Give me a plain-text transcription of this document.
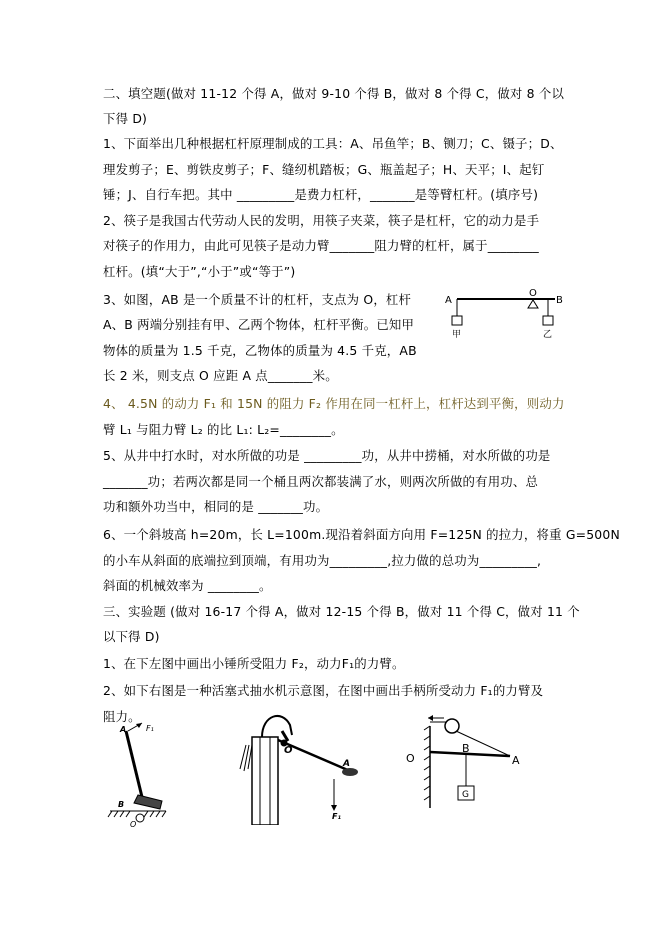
二、填空题(做对 11-12 个得 A，做对 9-10 个得 B，做对 8 个得 C，做对 8 个以
下得 D)
1、下面举出几种根据杠杆原理制成的工具：A、吊鱼竿；B、铡刀；C、镊子；D、
理发剪子；E、剪铁皮剪子；F、缝纫机踏板；G、瓶盖起子；H、天平；I、起钉
锤；J、自行车把。其中 _________是费力杠杆，_______是等臂杠杆。(填序号)
2、筷子是我国古代劳动人民的发明，用筷子夹菜，筷子是杠杆，它的动力是手
对筷子的作用力，由此可见筷子是动力臂_______阻力臂的杠杆，属于________
杠杆。(填“大于”,“小于”或“等于”)
3、如图，AB 是一个质量不计的杠杆，支点为 O，杠杆
A、B 两端分别挂有甲、乙两个物体，杠杆平衡。已知甲
物体的质量为 1.5 千克，乙物体的质量为 4.5 千克，AB
长 2 米，则支点 O 应距 A 点_______米。
4、 4.5N 的动力 F₁ 和 15N 的阻力 F₂ 作用在同一杠杆上，杠杆达到平衡，则动力
臂 L₁ 与阻力臂 L₂ 的比 L₁: L₂=________。
5、从井中打水时，对水所做的功是 _________功，从井中捞桶，对水所做的功是
_______功；若两次都是同一个桶且两次都装满了水，则两次所做的有用功、总
功和额外功当中，相同的是 _______功。
6、一个斜坡高 h=20m，长 L=100m.现沿着斜面方向用 F=125N 的拉力，将重 G=500N
的小车从斜面的底端拉到顶端，有用功为_________,拉力做的总功为_________,
斜面的机械效率为 ________。
三、实验题 (做对 16-17 个得 A，做对 12-15 个得 B，做对 11 个得 C，做对 11 个
以下得 D)
1、在下左图中画出小锤所受阻力 F₂，动力F₁的力臂。
2、如下右图是一种活塞式抽水机示意图，在图中画出手柄所受动力 F₁的力臂及
阻力。
A
O
B
甲	乙
A F₁
B
O
O
A
F₁
O
B
A
G
